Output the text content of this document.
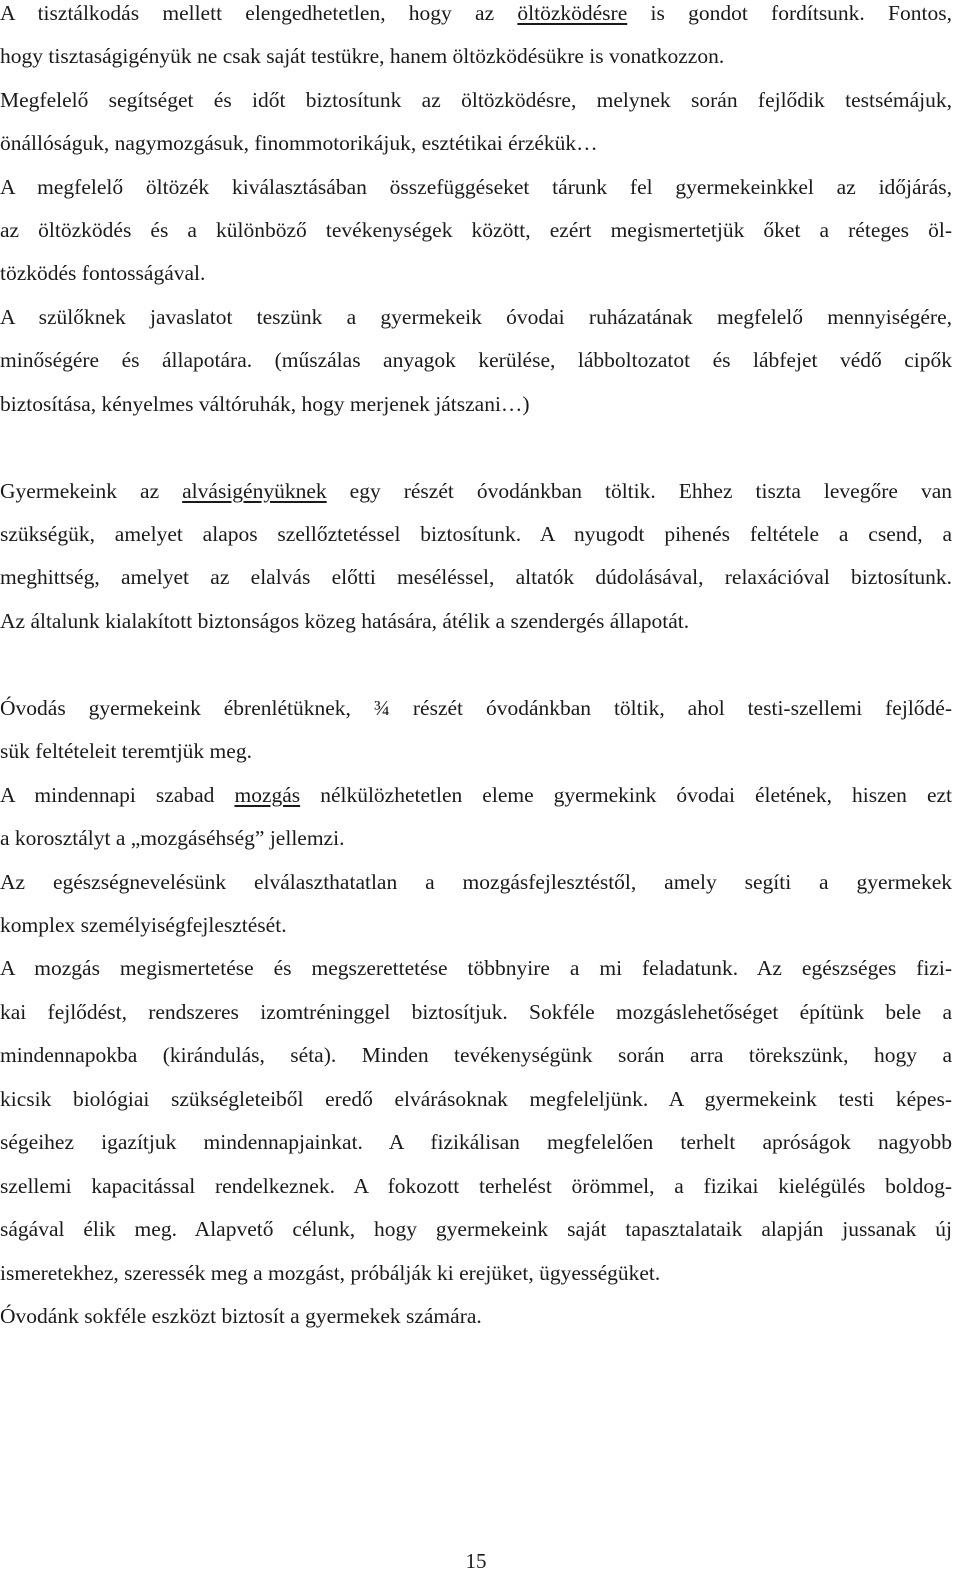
A tisztálkodás mellett elengedhetetlen, hogy az öltözködésre is gondot fordítsunk. Fontos,
hogy tisztaságigényük ne csak saját testükre, hanem öltözködésükre is vonatkozzon.
Megfelelő segítséget és időt biztosítunk az öltözködésre, melynek során fejlődik testsémájuk,
önállóságuk, nagymozgásuk, finommotorikájuk, esztétikai érzékük…
A megfelelő öltözék kiválasztásában összefüggéseket tárunk fel gyermekeinkkel az időjárás,
az öltözködés és a különböző tevékenységek között, ezért megismertetjük őket a réteges öl-
tözködés fontosságával.
A szülőknek javaslatot teszünk a gyermekeik óvodai ruházatának megfelelő mennyiségére,
minőségére és állapotára. (műszálas anyagok kerülése, lábboltozatot és lábfejet védő cipők
biztosítása, kényelmes váltóruhák, hogy merjenek játszani…)
Gyermekeink az alvásigényüknek egy részét óvodánkban töltik. Ehhez tiszta levegőre van
szükségük, amelyet alapos szellőztetéssel biztosítunk. A nyugodt pihenés feltétele a csend, a
meghittség, amelyet az elalvás előtti meséléssel, altatók dúdolásával, relaxációval biztosítunk.
Az általunk kialakított biztonságos közeg hatására, átélik a szendergés állapotát.
Óvodás gyermekeink ébrenlétüknek, ¾ részét óvodánkban töltik, ahol testi-szellemi fejlődé-
sük feltételeit teremtjük meg.
A mindennapi szabad mozgás nélkülözhetetlen eleme gyermekink óvodai életének, hiszen ezt
a korosztályt a „mozgáséhség” jellemzi.
Az egészségnevelésünk elválaszthatatlan a mozgásfejlesztéstől, amely segíti a gyermekek
komplex személyiségfejlesztését.
A mozgás megismertetése és megszerettetése többnyire a mi feladatunk. Az egészséges fizi-
kai fejlődést, rendszeres izomtréninggel biztosítjuk. Sokféle mozgáslehetőséget építünk bele a
mindennapokba (kirándulás, séta). Minden tevékenységünk során arra törekszünk, hogy a
kicsik biológiai szükségleteiből eredő elvárásoknak megfeleljünk. A gyermekeink testi képes-
ségeihez igazítjuk mindennapjainkat. A fizikálisan megfelelően terhelt apróságok nagyobb
szellemi kapacitással rendelkeznek. A fokozott terhelést örömmel, a fizikai kielégülés boldog-
ságával élik meg. Alapvető célunk, hogy gyermekeink saját tapasztalataik alapján jussanak új
ismeretekhez, szeressék meg a mozgást, próbálják ki erejüket, ügyességüket.
Óvodánk sokféle eszközt biztosít a gyermekek számára.
15
